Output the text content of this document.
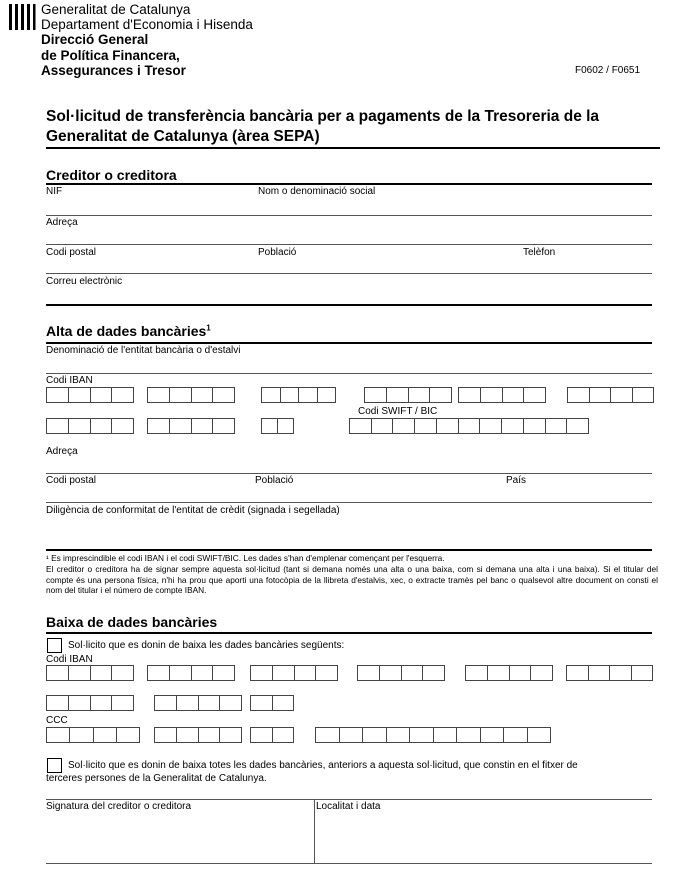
Generalitat de Catalunya
Departament d'Economia i Hisenda
Direcció General
de Política Financera,
Assegurances i Tresor	F0602 / F0651
Sol·licitud de transferència bancària per a pagaments de la Tresoreria de la
Generalitat de Catalunya (àrea SEPA)
Creditor o creditora
NIF	Nom o denominació social
Adreça
Codi postal	Població	Telèfon
Correu electrònic
Alta de dades bancàries$^1$
Denominació de l'entitat bancària o d'estalvi
Codi IBAN
Codi SWIFT / BIC
Adreça
Codi postal	Població	País
Diligència de conformitat de l'entitat de crèdit (signada i segellada)
¹ Es imprescindible el codi IBAN i el codi SWIFT/BIC. Les dades s'han d'emplenar començant per l'esquerra.
El creditor o creditora ha de signar sempre aquesta sol·licitud (tant si demana només una alta o una baixa, com si demana una alta i una baixa). Si el titular del compte és una persona física, n'hi ha prou que aporti una fotocòpia de la llibreta d'estalvis, xec, o extracte tramès pel banc o qualsevol altre document on consti el nom del titular i el número de compte IBAN.
Baixa de dades bancàries
Sol·licito que es donin de baixa les dades bancàries següents:
Codi IBAN
CCC
Sol·licito que es donin de baixa totes les dades bancàries, anteriors a aquesta sol·licitud, que constin en el fitxer de
terceres persones de la Generalitat de Catalunya.
Signatura del creditor o creditora	Localitat i data
